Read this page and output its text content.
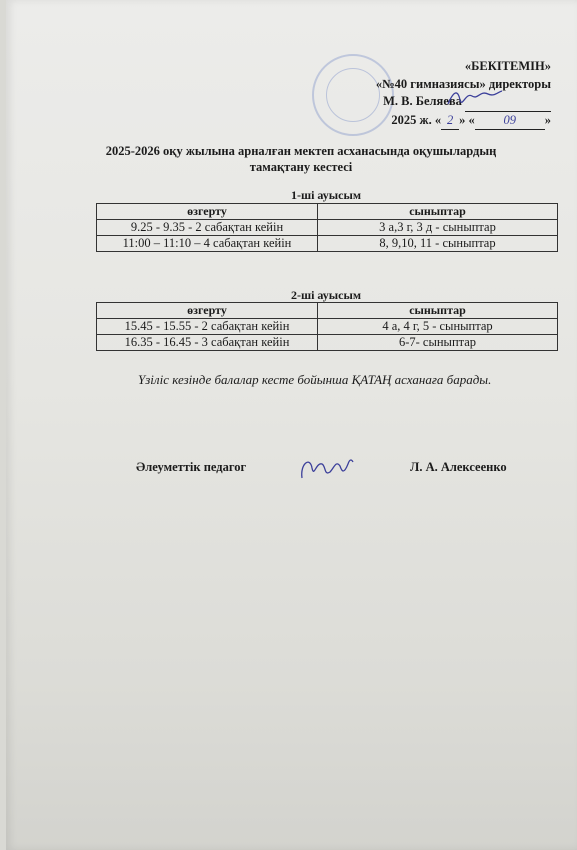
«БЕКІТЕМІН»
«№40 гимназиясы» директоры
М. В. Беляева
2025 ж. « 2 » « 09 »
2025-2026 оқу жылына арналған мектеп асханасында оқушылардың
тамақтану кестесі
1-ші ауысым
өзгерту	сыныптар
9.25 - 9.35 - 2 сабақтан кейін	3 а,3 г, 3 д - сыныптар
11:00 – 11:10 – 4 сабақтан кейін	8, 9,10, 11 - сыныптар
2-ші ауысым
өзгерту	сыныптар
15.45 - 15.55 - 2 сабақтан кейін	4 а, 4 г, 5 - сыныптар
16.35 - 16.45 - 3 сабақтан кейін	6-7- сыныптар
Үзіліс кезінде балалар кесте бойынша ҚАТАҢ асханаға барады.
Әлеуметтік педагог	Л. А. Алексеенко
